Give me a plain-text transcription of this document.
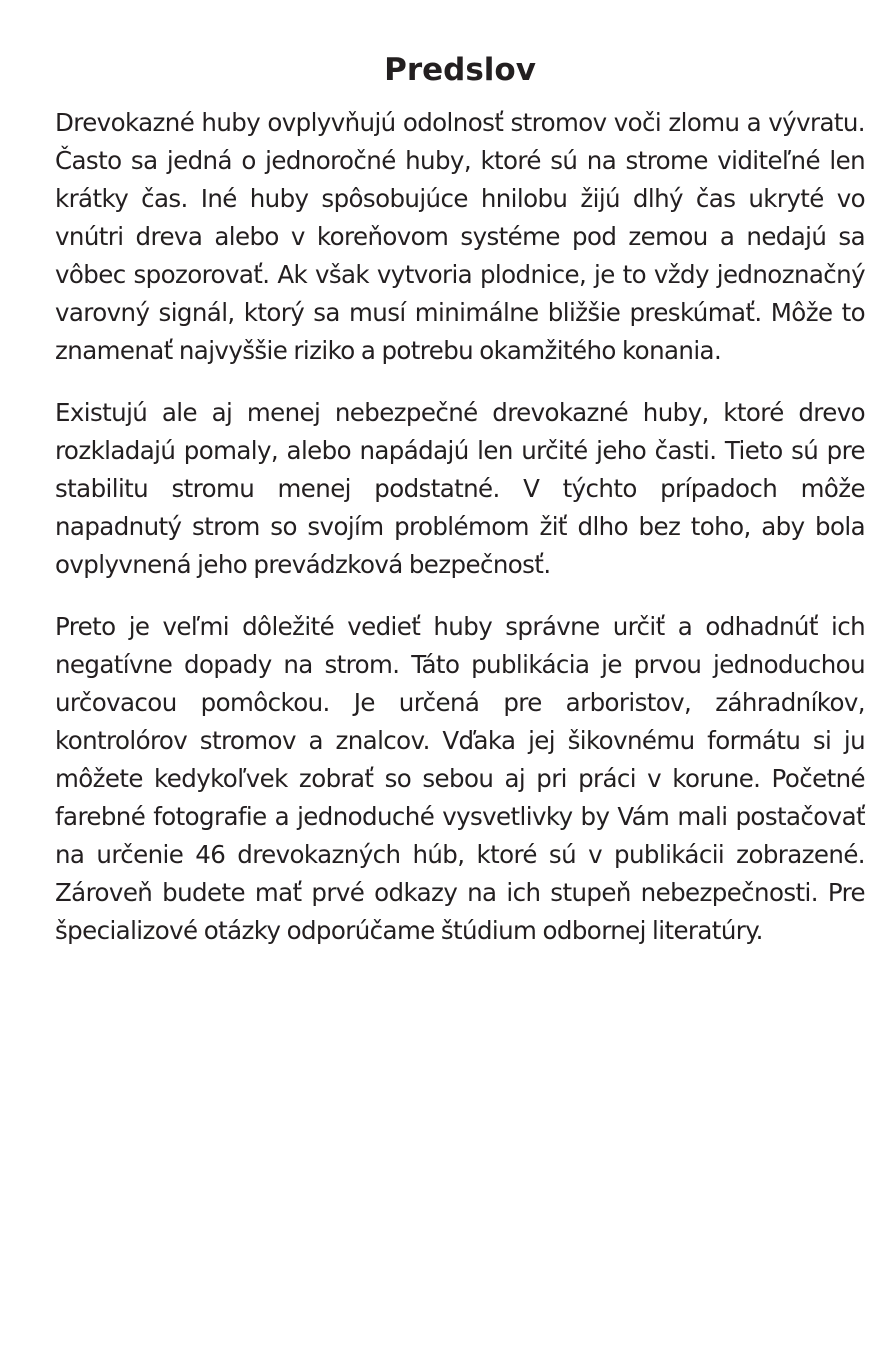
Predslov

Drevokazné huby ovplyvňujú odolnosť stromov voči zlomu a vývratu. Často sa jedná o jednoročné huby, ktoré sú na strome viditeľné len krátky čas. Iné huby spôsobujúce hnilobu žijú dlhý čas ukryté vo vnútri dreva alebo v koreňovom systéme pod zemou a nedajú sa vôbec spozorovať. Ak však vytvoria plodnice, je to vždy jednoznačný varovný signál, ktorý sa musí minimálne bližšie preskúmať. Môže to znamenať najvyššie riziko a potrebu okamžitého konania.

Existujú ale aj menej nebezpečné drevokazné huby, ktoré drevo rozkladajú pomaly, alebo napádajú len určité jeho časti. Tieto sú pre stabilitu stromu menej podstatné. V týchto prípadoch môže napadnutý strom so svojím problémom žiť dlho bez toho, aby bola ovplyvnená jeho prevádzková bezpečnosť.

Preto je veľmi dôležité vedieť huby správne určiť a odhadnúť ich negatívne dopady na strom. Táto publikácia je prvou jednoduchou určovacou pomôckou. Je určená pre arboristov, záhradníkov, kontrolórov stromov a znalcov. Vďaka jej šikovnému formátu si ju môžete kedykoľvek zobrať so sebou aj pri práci v korune. Početné farebné fotografie a jednoduché vysvetlivky by Vám mali postačovať na určenie 46 drevokazných húb, ktoré sú v publikácii zobrazené. Zároveň budete mať prvé odkazy na ich stupeň nebezpečnosti. Pre špecializové otázky odporúčame štúdium odbornej literatúry.
